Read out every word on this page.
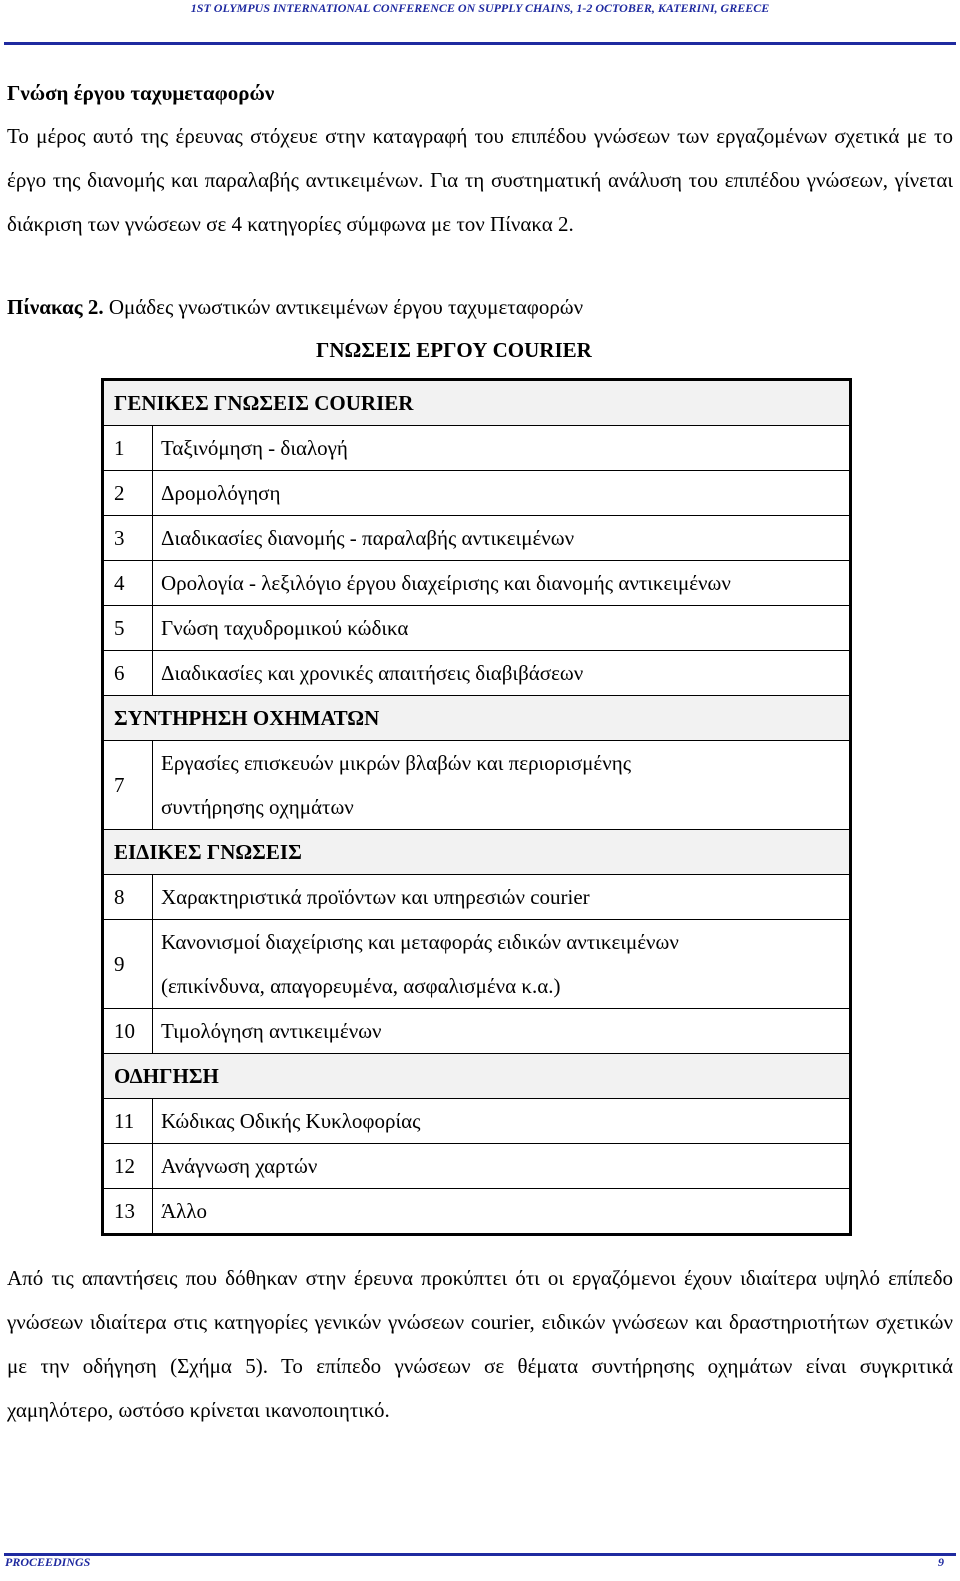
1ST OLYMPUS INTERNATIONAL CONFERENCE ON SUPPLY CHAINS, 1-2 OCTOBER, KATERINI, GREECE
Γνώση έργου ταχυμεταφορών
Το μέρος αυτό της έρευνας στόχευε στην καταγραφή του επιπέδου γνώσεων των εργαζομένων σχετικά με το έργο της διανομής και παραλαβής αντικειμένων. Για τη συστηματική ανάλυση του επιπέδου γνώσεων, γίνεται διάκριση των γνώσεων σε 4 κατηγορίες σύμφωνα με τον Πίνακα 2.
Πίνακας 2. Ομάδες γνωστικών αντικειμένων έργου ταχυμεταφορών
ΓΝΩΣΕΙΣ ΕΡΓΟΥ COURIER
ΓΕΝΙΚΕΣ ΓΝΩΣΕΙΣ COURIER	
1	Ταξινόμηση - διαλογή
2	Δρομολόγηση
3	Διαδικασίες διανομής - παραλαβής αντικειμένων
4	Ορολογία - λεξιλόγιο έργου διαχείρισης και διανομής αντικειμένων
5	Γνώση ταχυδρομικού κώδικα
6	Διαδικασίες και χρονικές απαιτήσεις διαβιβάσεων
ΣΥΝΤΗΡΗΣΗ ΟΧΗΜΑΤΩΝ	
7	Εργασίες επισκευών μικρών βλαβών και περιορισμένης
συντήρησης οχημάτων

ΕΙΔΙΚΕΣ ΓΝΩΣΕΙΣ	
8	Χαρακτηριστικά προϊόντων και υπηρεσιών courier
9	Κανονισμοί διαχείρισης και μεταφοράς ειδικών αντικειμένων
(επικίνδυνα, απαγορευμένα, ασφαλισμένα κ.α.)

10	Τιμολόγηση αντικειμένων
ΟΔΗΓΗΣΗ	
11	Κώδικας Οδικής Κυκλοφορίας
12	Ανάγνωση χαρτών
13	Άλλο
Από τις απαντήσεις που δόθηκαν στην έρευνα προκύπτει ότι οι εργαζόμενοι έχουν ιδιαίτερα υψηλό επίπεδο γνώσεων ιδιαίτερα στις κατηγορίες γενικών γνώσεων courier, ειδικών γνώσεων και δραστηριοτήτων σχετικών με την οδήγηση (Σχήμα 5). Το επίπεδο γνώσεων σε θέματα συντήρησης οχημάτων είναι συγκριτικά χαμηλότερο, ωστόσο κρίνεται ικανοποιητικό.
PROCEEDINGS	9
